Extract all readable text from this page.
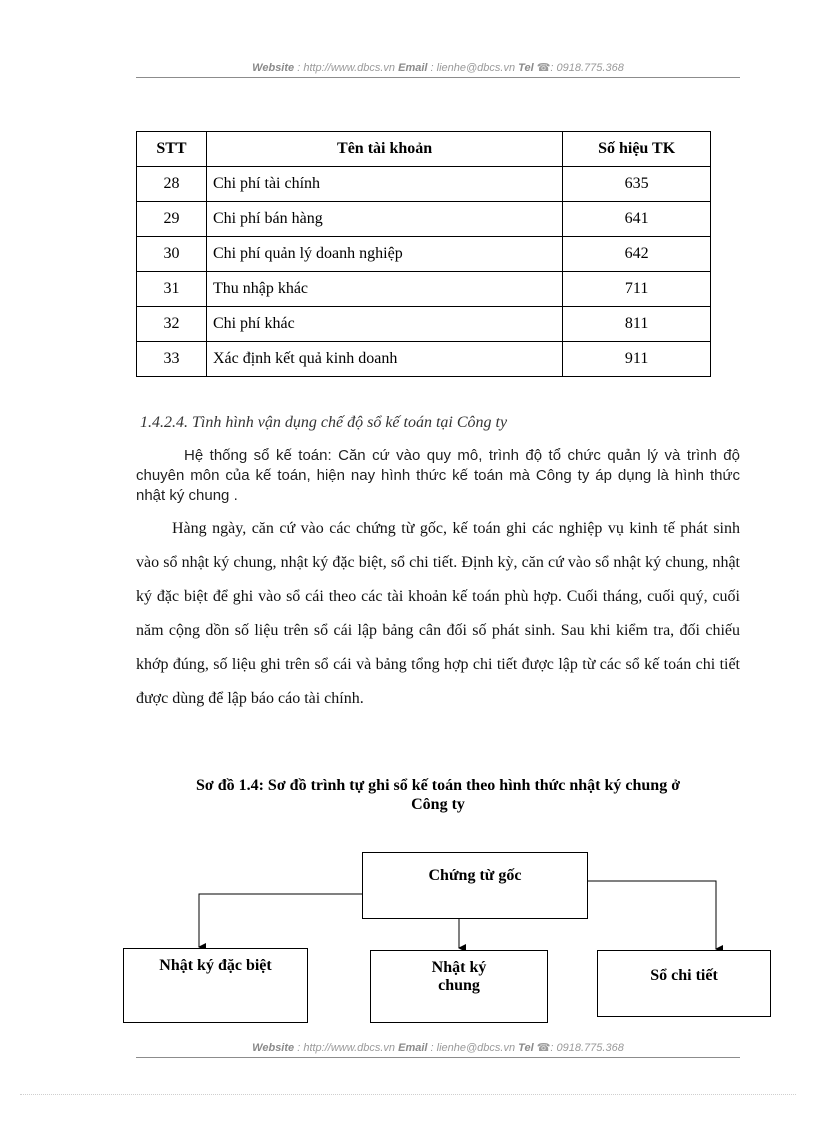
Website : http://www.dbcs.vn Email : lienhe@dbcs.vn Tel ☎: 0918.775.368
STT	Tên tài khoản	Số hiệu TK
28	Chi phí tài chính	635
29	Chi phí bán hàng	641
30	Chi phí quản lý doanh nghiệp	642
31	Thu nhập khác	711
32	Chi phí khác	811
33	Xác định kết quả kinh doanh	911
1.4.2.4. Tình hình vận dụng chế độ sổ kế toán tại Công ty
Hệ thống sổ kế toán: Căn cứ vào quy mô, trình độ tổ chức quản lý và trình độ chuyên môn của kế toán, hiện nay hình thức kế toán mà Công ty áp dụng là hình thức nhật ký chung .
Hàng ngày, căn cứ vào các chứng từ gốc, kế toán ghi các nghiệp vụ kinh tế phát sinh vào sổ nhật ký chung, nhật ký đặc biệt, sổ chi tiết. Định kỳ, căn cứ vào sổ nhật ký chung, nhật ký đặc biệt để ghi vào sổ cái theo các tài khoản kế toán phù hợp. Cuối tháng, cuối quý, cuối năm cộng dồn số liệu trên sổ cái lập bảng cân đối số phát sinh. Sau khi kiểm tra, đối chiếu khớp đúng, số liệu ghi trên sổ cái và bảng tổng hợp chi tiết được lập từ các sổ kế toán chi tiết được dùng để lập báo cáo tài chính.
Sơ đồ 1.4: Sơ đồ trình tự ghi sổ kế toán theo hình thức nhật ký chung ở
Công ty
Chứng từ gốc
Nhật ký đặc biệt	Nhật ký
chung
Sổ chi tiết
Website : http://www.dbcs.vn Email : lienhe@dbcs.vn Tel ☎: 0918.775.368
